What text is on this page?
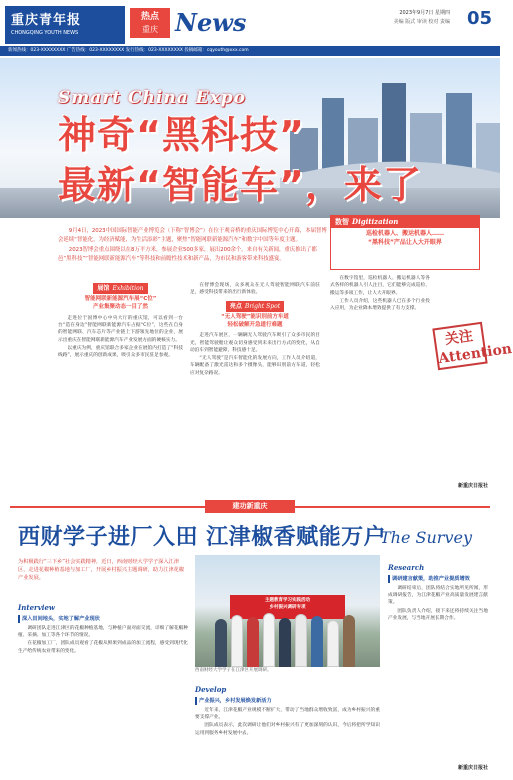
重庆青年报
CHONGQING YOUTH NEWS
热点
重庆 News	2023年9月7日 星期四
美编 版式 审读 校对 责编 05
新闻热线：023-XXXXXXXX 广告热线：023-XXXXXXXX 发行热线：023-XXXXXXXX 投稿邮箱：cqyouth@xxx.com
Smart China Expo
神奇“黑科技”
最新“智能车”，来了
数智 Digitization
巡检机器人、搬运机器人……
“黑科技”产品让人大开眼界

9月4日，2023中国国际智能产业博览会（下称“智博会”）在位于观音桥的重庆国际博览中心开幕，本届智博会延续“智能化，为经济赋能，为生活添彩”主题，聚焦“智能网联新能源汽车”和数字中国等年度主题。

2023智博会重点围绕以在8万平方米，参展企业500多家，展出200余个。来自有关新闻，重庆推出了都邑“黑科技”“智能网联新能源汽车”等科技和前瞻性技术和新产品，为市民和游客带来科技盛宴。

展馆 Exhibition
智能网联新能源汽车展“C位”
产业集聚动态一目了然

走进位于国博中心中央大厅的重庆馆，可以看到一台台“造在身边”智能网联新能源汽车占据“C位”，这些在自身的智能网联、汽车芯片等产业链上下游领先地位的企业，展示出重庆在智能网联新能源汽车产业发展方面的硬核实力。

以重庆为例，重庆馆联合多家企业在展馆内打造了“科技线路”，展示重庆的创新成果，吸引众多市民驻足参观。

在智博会现场，众多观众在无人驾驶智能网联汽车前驻足，感受科技带来的出行新体验。

亮点 Bright Spot
“无人驾驶”能识别前方车道
轻松破解开急道行难题

走进汽车展区，一辆辆无人驾驶汽车吸引了众多市民的目光，智能驾驶舱让观众切身感受到未来出行方式的变化，从自动泊车到智能避障，科技感十足。

“无人驾驶”是汽车智能化的发展方向，工作人员介绍道，车辆配备了激光雷达和多个摄像头，能够识别前方车道，轻松应对复杂路况。

在数字馆里，巡检机器人、搬运机器人等各式各样的机器人引人注目，它们能够完成巡检、搬运等多项工作，让人大开眼界。

工作人员介绍，这些机器人已在多个行业投入应用，为企业降本增效提供了有力支撑。

关注 Attention
新重庆日报社
建功新重庆
西财学子进厂入田 江津椒香赋能万户
The Survey
为积极践行“三下乡”社会实践精神，近日，西南财经大学学子深入江津区，走进花椒种植基地与加工厂，开展乡村振兴主题调研，助力江津花椒产业发展。
主题教育学习实践活动
乡村振兴调研专项
西南财经大学学子在江津区开展调研。
Interview
深入田间地头，实地了解产业现状

调研团队走进江津区的花椒种植基地，与种植户面对面交流，详细了解花椒种植、采摘、加工等各个环节的情况。

在花椒加工厂，团队成员观看了花椒从鲜果到成品的加工流程，感受到现代化生产给传统农业带来的变化。

Develop
产业振兴，乡村发展焕发新活力

近年来，江津花椒产业规模不断扩大，带动了当地群众增收致富，成为乡村振兴的重要支撑产业。

团队成员表示，此次调研让他们对乡村振兴有了更加深刻的认识，今后将把所学知识运用到服务乡村发展中去。

Research
调研建言献策，助推产业提质增效

调研结束后，团队将结合实地所见所闻，形成调研报告，为江津花椒产业高质量发展建言献策。

团队负责人介绍，接下来还将持续关注当地产业发展，与当地开展长期合作。

新重庆日报社
